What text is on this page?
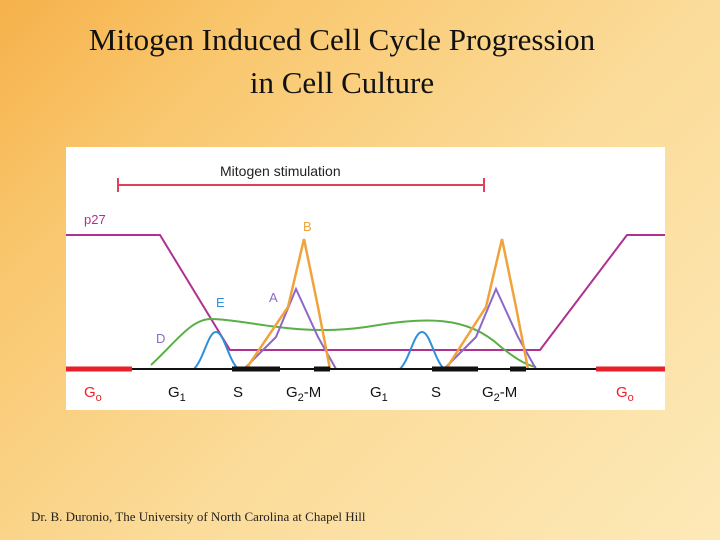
Mitogen Induced Cell Cycle Progression
in Cell Culture
Mitogen stimulation
p27
D
A
B
E
$G_o$	$G_1$	S	$G_2-M$	$G_1$	S	$G_2-M$	$G_o$
Dr. B. Duronio, The University of North Carolina at Chapel Hill
